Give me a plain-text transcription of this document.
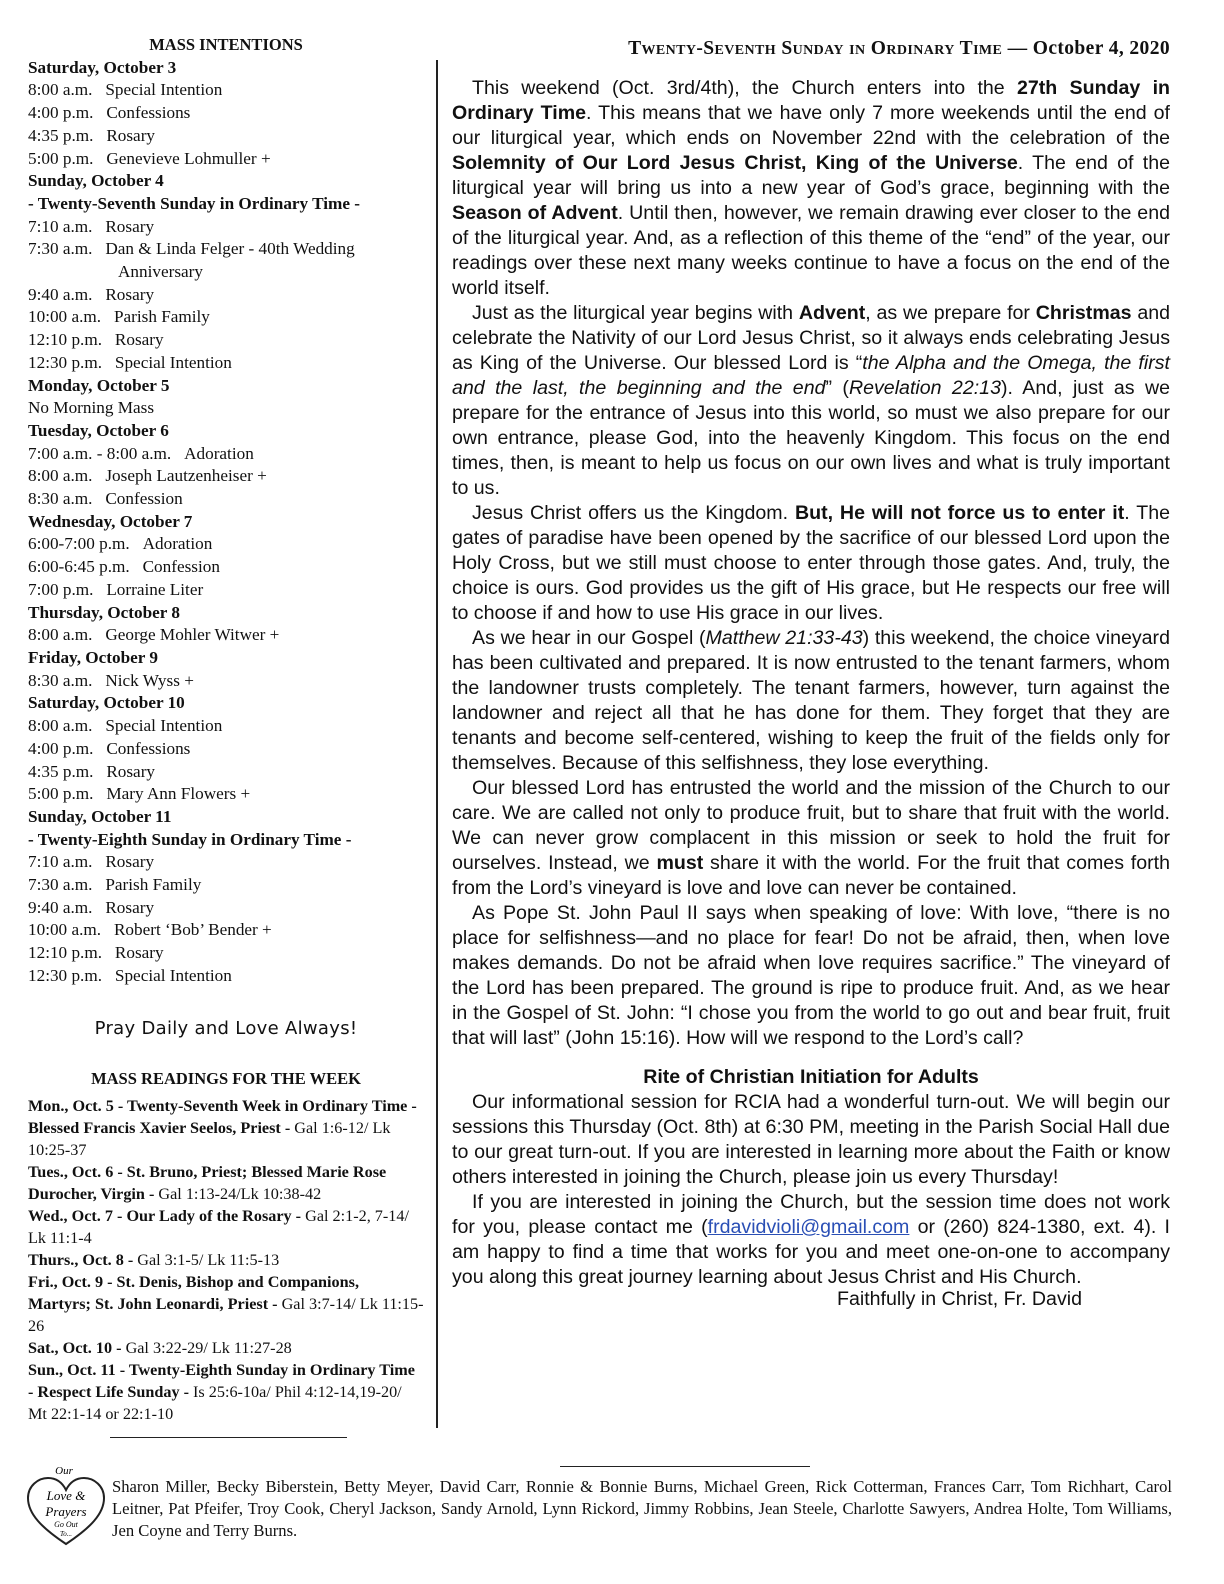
MASS INTENTIONS
Saturday, October 3
8:00 a.m. Special Intention
4:00 p.m. Confessions
4:35 p.m. Rosary
5:00 p.m. Genevieve Lohmuller +
Sunday, October 4
- Twenty-Seventh Sunday in Ordinary Time -
7:10 a.m. Rosary
7:30 a.m. Dan & Linda Felger - 40th Wedding
Anniversary
9:40 a.m. Rosary
10:00 a.m. Parish Family
12:10 p.m. Rosary
12:30 p.m. Special Intention
Monday, October 5
No Morning Mass
Tuesday, October 6
7:00 a.m. - 8:00 a.m. Adoration
8:00 a.m. Joseph Lautzenheiser +
8:30 a.m. Confession
Wednesday, October 7
6:00-7:00 p.m. Adoration
6:00-6:45 p.m. Confession
7:00 p.m. Lorraine Liter
Thursday, October 8
8:00 a.m. George Mohler Witwer +
Friday, October 9
8:30 a.m. Nick Wyss +
Saturday, October 10
8:00 a.m. Special Intention
4:00 p.m. Confessions
4:35 p.m. Rosary
5:00 p.m. Mary Ann Flowers +
Sunday, October 11
- Twenty-Eighth Sunday in Ordinary Time -
7:10 a.m. Rosary
7:30 a.m. Parish Family
9:40 a.m. Rosary
10:00 a.m. Robert ‘Bob’ Bender +
12:10 p.m. Rosary
12:30 p.m. Special Intention
Pray Daily and Love Always!
MASS READINGS FOR THE WEEK

Mon., Oct. 5 - Twenty-Seventh Week in Ordinary Time - Blessed Francis Xavier Seelos, Priest - Gal 1:6-12/ Lk 10:25-37

Tues., Oct. 6 - St. Bruno, Priest; Blessed Marie Rose Durocher, Virgin - Gal 1:13-24/Lk 10:38-42

Wed., Oct. 7 - Our Lady of the Rosary - Gal 2:1-2, 7-14/ Lk 11:1-4

Thurs., Oct. 8 - Gal 3:1-5/ Lk 11:5-13

Fri., Oct. 9 - St. Denis, Bishop and Companions, Martyrs; St. John Leonardi, Priest - Gal 3:7-14/ Lk 11:15-26

Sat., Oct. 10 - Gal 3:22-29/ Lk 11:27-28

Sun., Oct. 11 - Twenty-Eighth Sunday in Ordinary Time - Respect Life Sunday - Is 25:6-10a/ Phil 4:12-14,19-20/ Mt 22:1-14 or 22:1-10

Twenty-Seventh Sunday in Ordinary Time — October 4, 2020

This weekend (Oct. 3rd/4th), the Church enters into the 27th Sunday in Ordinary Time. This means that we have only 7 more weekends until the end of our liturgical year, which ends on November 22nd with the celebration of the Solemnity of Our Lord Jesus Christ, King of the Universe. The end of the liturgical year will bring us into a new year of God’s grace, beginning with the Season of Advent. Until then, however, we remain drawing ever closer to the end of the liturgical year. And, as a reflection of this theme of the “end” of the year, our readings over these next many weeks continue to have a focus on the end of the world itself.

Just as the liturgical year begins with Advent, as we prepare for Christmas and celebrate the Nativity of our Lord Jesus Christ, so it always ends celebrating Jesus as King of the Universe. Our blessed Lord is “the Alpha and the Omega, the first and the last, the beginning and the end” (Revelation 22:13). And, just as we prepare for the entrance of Jesus into this world, so must we also prepare for our own entrance, please God, into the heavenly Kingdom. This focus on the end times, then, is meant to help us focus on our own lives and what is truly important to us.

Jesus Christ offers us the Kingdom. But, He will not force us to enter it. The gates of paradise have been opened by the sacrifice of our blessed Lord upon the Holy Cross, but we still must choose to enter through those gates. And, truly, the choice is ours. God provides us the gift of His grace, but He respects our free will to choose if and how to use His grace in our lives.

As we hear in our Gospel (Matthew 21:33-43) this weekend, the choice vineyard has been cultivated and prepared. It is now entrusted to the tenant farmers, whom the landowner trusts completely. The tenant farmers, however, turn against the landowner and reject all that he has done for them. They forget that they are tenants and become self-centered, wishing to keep the fruit of the fields only for themselves. Because of this selfishness, they lose everything.

Our blessed Lord has entrusted the world and the mission of the Church to our care. We are called not only to produce fruit, but to share that fruit with the world. We can never grow complacent in this mission or seek to hold the fruit for ourselves. Instead, we must share it with the world. For the fruit that comes forth from the Lord’s vineyard is love and love can never be contained.

As Pope St. John Paul II says when speaking of love: With love, “there is no place for selfishness—and no place for fear! Do not be afraid, then, when love makes demands. Do not be afraid when love requires sacrifice.” The vineyard of the Lord has been prepared. The ground is ripe to produce fruit. And, as we hear in the Gospel of St. John: “I chose you from the world to go out and bear fruit, fruit that will last” (John 15:16). How will we respond to the Lord’s call?

Rite of Christian Initiation for Adults

Our informational session for RCIA had a wonderful turn-out. We will begin our sessions this Thursday (Oct. 8th) at 6:30 PM, meeting in the Parish Social Hall due to our great turn-out. If you are interested in learning more about the Faith or know others interested in joining the Church, please join us every Thursday!

If you are interested in joining the Church, but the session time does not work for you, please contact me (frdavidvioli@gmail.com or (260) 824-1380, ext. 4). I am happy to find a time that works for you and meet one-on-one to accompany you along this great journey learning about Jesus Christ and His Church.

Faithfully in Christ, Fr. David
Our
Love &
Prayers
Go Out
To...
Sharon Miller, Becky Biberstein, Betty Meyer, David Carr, Ronnie & Bonnie Burns, Michael Green, Rick Cotterman, Frances Carr, Tom Richhart, Carol Leitner, Pat Pfeifer, Troy Cook, Cheryl Jackson, Sandy Arnold, Lynn Rickord, Jimmy Robbins, Jean Steele, Charlotte Sawyers, Andrea Holte, Tom Williams, Jen Coyne and Terry Burns.
